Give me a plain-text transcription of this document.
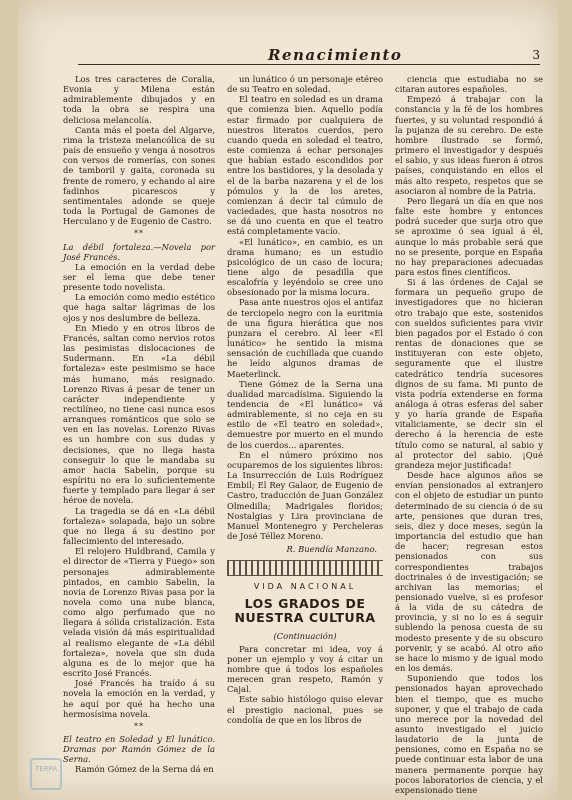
Renacimiento	3

Los tres caracteres de Coralia, Evonia y Milena están admirablemente dibujados y en toda la obra se respira una deliciosa melancolía.

Canta más el poeta del Algarve, rima la tristeza melancólica de su país de ensueño y venga á nosotros con versos de romerías, con sones de tamboril y gaita, coronada su frente de romero, y echando al aire fadinhos picarescos y sentimentales adonde se queje toda la Portugal de Gamones de Herculano y de Eugenio de Castro.

**

La débil fortaleza.—Novela por José Francés.

La emoción en la verdad debe ser el lema que debe tener presente todo novelista.

La emoción como medio estético que haga saltar lágrimas de los ojos y nos deslumbre de belleza.

En Miedo y en otros libros de Francés, saltan como nervios rotos las pesimistas dislocaciones de Sudermann. En «La débil fortaleza» este pesimismo se hace más humano, más resignado. Lorenzo Rivas á pesar de tener un carácter independiente y rectilíneo, no tiene casi nunca esos arranques románticos que solo se ven en las novelas. Lorenzo Rivas es un hombre con sus dudas y decisiones, que no llega hasta conseguir lo que le mandaba su amor hacia Sabelin, porque su espíritu no era lo suficientemente fuerte y templado para llegar á ser héroe de novela.

La tragedia se dá en «La débil fortaleza» solapada, bajo un sobre que no llega á su destino por fallecimiento del interesado.

El relojero Huldbrand, Camila y el director de «Tierra y Fuego» son personajes admirablemente pintados, en cambio Sabelin, la novia de Lorenzo Rivas pasa por la novela como una nube blanca, como algo perfumado que no llegara á sólida cristalización. Esta velada visión dá más espiritualidad al realismo elegante de «La débil fortaleza», novela que sin duda alguna es de lo mejor que ha escrito José Francés.

José Francés ha traído á su novela la emoción en la verdad, y he aquí por qué ha hecho una hermosísima novela.

**

El teatro en Soledad y El lunático. Dramas por Ramón Gómez de la Serna.

Ramón Gómez de la Serna dá en

un lunático ó un personaje etéreo de su Teatro en soledad.

El teatro en soledad es un drama que comienza bien. Aquello podía estar firmado por cualquiera de nuestros literatos cuerdos, pero cuando queda en soledad el teatro, este comienza á echar personajes que habían estado escondidos por entre los bastidores, y la desolada y el de la barba nazarena y el de los pómulos y la de los aretes, comienzan á decir tal cúmulo de vaciedades, que hasta nosotros no se dá uno cuenta en que el teatro está completamente vacío.

«El lunático», en cambio, es un drama humano; es un estudio psicológico de un caso de locura; tiene algo de pesadilla que escalofría y leyéndolo se cree uno obsesionado por la misma locura.

Pasa ante nuestros ojos el antifaz de terciopelo negro con la euritmia de una figura hierática que nos punzara el cerebro. Al leer «El lunático» he sentido la misma sensación de cuchillada que cuando he leído algunos dramas de Maeterlinck.

Tiene Gómez de la Serna una dualidad marcadísima. Siguiendo la tendencia de «El lunático» vá admirablemente, si no ceja en su estilo de «El teatro en soledad», demuestre por muerto en el mundo de los cuerdos... aparentes.

En el número próximo nos ocuparemos de los siguientes libros: La Insurrección de Luis Rodríguez Embil; El Rey Galaor, de Eugenio de Castro, traducción de Juan González Olmedilla; Madrigales floridos; Nostalgias y Lira provinciana de Manuel Montenegro y Percheleras de José Téllez Moreno.

R. Buendía Manzano.

VIDA NACIONAL

LOS GRADOS DE NUESTRA CULTURA

(Continuación)

Para concretar mi idea, voy á poner un ejemplo y voy á citar un nombre que á todos los españoles merecen gran respeto, Ramón y Cajal.

Este sabio histólogo quiso elevar el prestigio nacional, pues se condolía de que en los libros de

ciencia que estudiaba no se citaran autores españoles.

Empezó á trabajar con la constancia y la fé de los hombres fuertes, y su voluntad respondió á la pujanza de su cerebro. De este hombre ilustrado se formó, primero el investigador y después el sabio, y sus ideas fueron á otros países, conquistando en ellos el más alto respeto, respetos que se asociaron al nombre de la Patria.

Pero llegará un día en que nos falte este hombre y entonces podrá suceder que surja otro que se aproxime ó sea igual á él, aunque lo más probable será que no se presente, porque en España no hay preparaciones adecuadas para estos fines científicos.

Si á las órdenes de Cajal se formara un pequeño grupo de investigadores que no hicieran otro trabajo que este, sostenidos con sueldos suficientes para vivir bien pagados por el Estado ó con rentas de donaciones que se instituyeran con este objeto, seguramente que el ilustre catedrático tendría sucesores dignos de su fama. Mi punto de vista podría extenderse en forma análoga á otras esferas del saber y yo haría grande de España vitaliciamente, se decir sin el derecho á la herencia de este título como se natural, al sabio y al protector del sabio. ¡Qué grandeza mejor justificada!

Desde hace algunos años se envían pensionados al extranjero con el objeto de estudiar un punto determinado de su ciencia ó de su arte, pensiones que duran tres, seis, diez y doce meses, según la importancia del estudio que han de hacer; regresan estos pensionados con sus correspondientes trabajos doctrinales ó de investigación; se archivan las memorias; el pensionado vuelve, si es profesor á la vida de su cátedra de provincia, y si no lo es á seguir sublendo la penosa cuesta de su modesto presente y de su obscuro porvenir, y se acabó. Al otro año se hace lo mismo y de igual modo en los demás.

Suponiendo que todos los pensionados hayan aprovechado bien el tiempo, que es mucho suponer, y que el trabajo de cada uno merece por la novedad del asunto investigado el juicio laudatorio de la junta de pensiones, como en España no se puede continuar esta labor de una manera permanente porque hay pocos laboratorios de ciencia, y el expensionado tiene

TERPA
